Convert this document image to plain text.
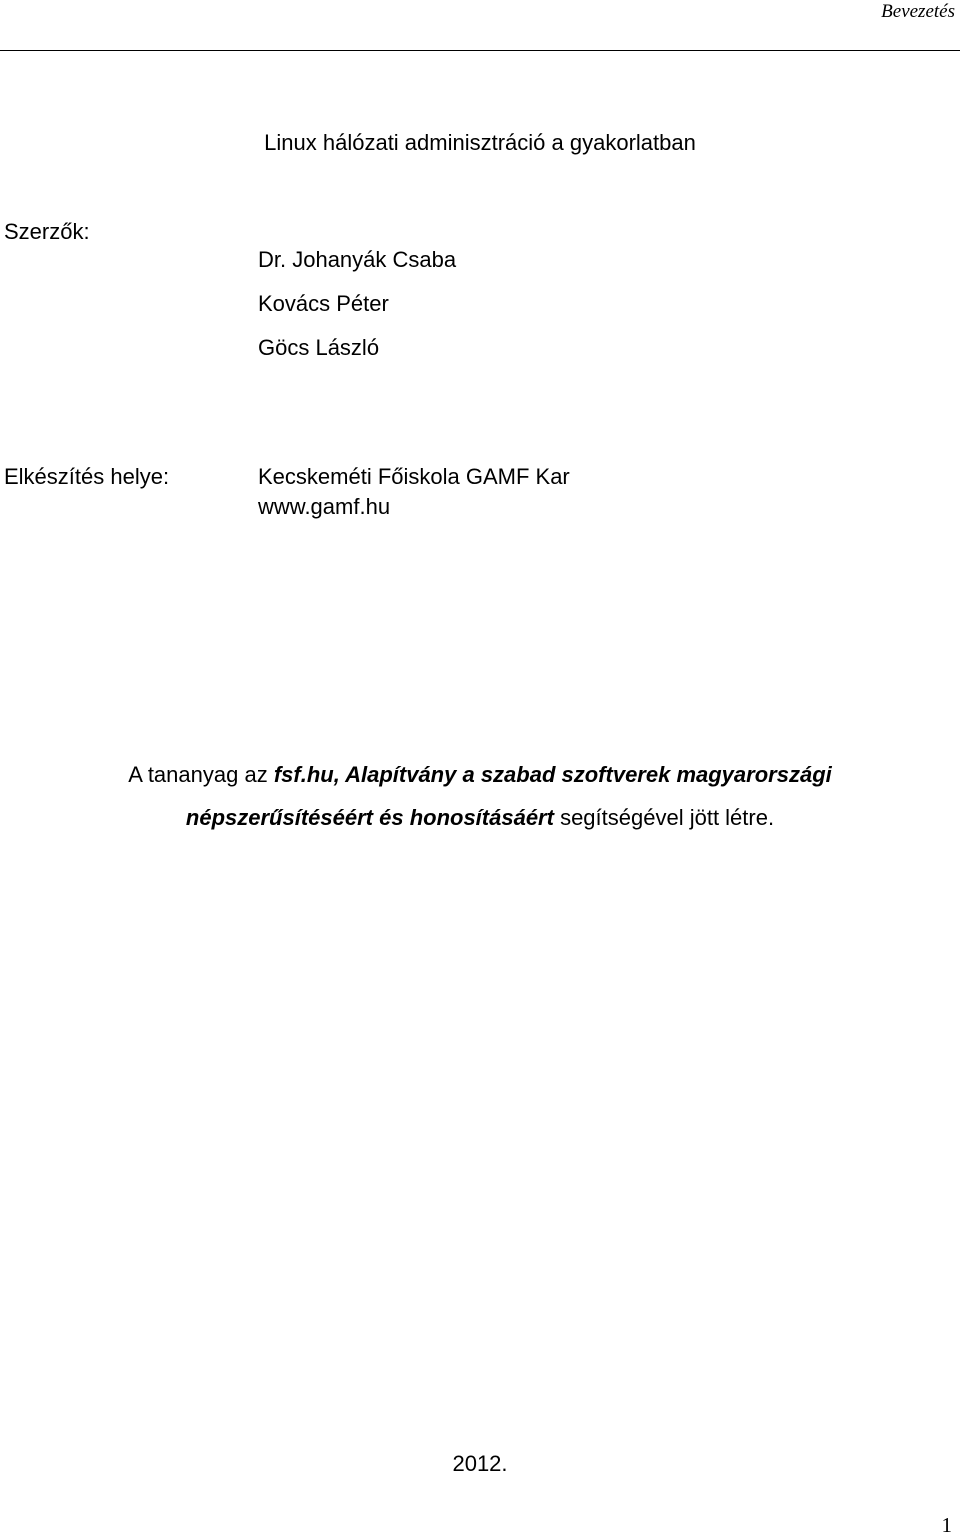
Bevezetés
Linux hálózati adminisztráció a gyakorlatban
Szerzők:
Dr. Johanyák Csaba
Kovács Péter
Göcs László
Elkészítés helye:	Kecskeméti Főiskola GAMF Kar
www.gamf.hu
A tananyag az fsf.hu, Alapítvány a szabad szoftverek magyarországi népszerűsítéséért és honosításáért segítségével jött létre.
2012.
1
